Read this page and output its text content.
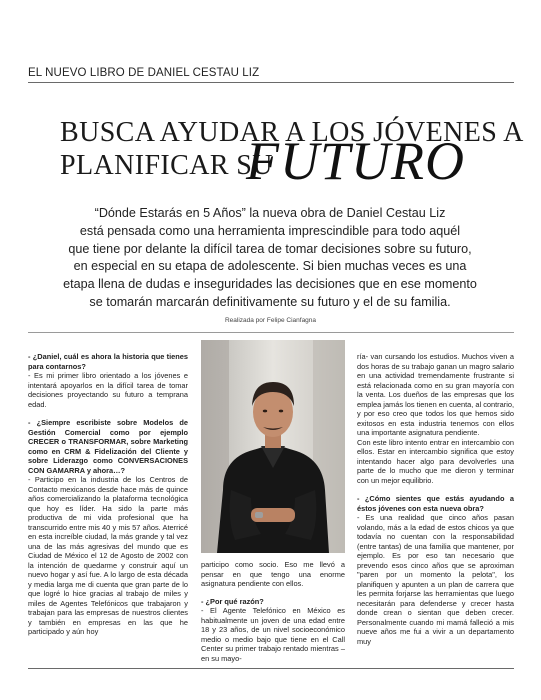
EL NUEVO LIBRO DE DANIEL CESTAU LIZ
BUSCA AYUDAR A LOS JÓVENES A
PLANIFICAR SU
FUTURO
“Dónde Estarás en 5 Años” la nueva obra de Daniel Cestau Liz
está pensada como una herramienta imprescindible para todo aquél
que tiene por delante la difícil tarea de tomar decisiones sobre su futuro,
en especial en su etapa de adolescente. Si bien muchas veces es una
etapa llena de dudas e inseguridades las decisiones que en ese momento
se tomarán marcarán definitivamente su futuro y el de su familia.
Realizada por Felipe Cianfagna

- ¿Daniel, cuál es ahora la historia que tienes para contarnos?

- Es mi primer libro orientado a los jóvenes e intentará apoyarlos en la difícil tarea de tomar decisiones proyectando su futuro a temprana edad.

- ¿Siempre escribiste sobre Modelos de Gestión Comercial como por ejemplo CRECER o TRANSFORMAR, sobre Marketing como en CRM & Fidelización del Cliente y sobre Liderazgo como CONVERSACIONES CON GAMARRA y ahora…?

- Participo en la industria de los Centros de Contacto mexicanos desde hace más de quince años comercializando la plataforma tecnológica que hoy es líder. Ha sido la parte más productiva de mi vida profesional que ha transcurrido entre mis 40 y mis 57 años. Aterricé en esta increíble ciudad, la más grande y tal vez una de las más agresivas del mundo que es Ciudad de México el 12 de Agosto de 2002 con la intención de quedarme y construir aquí un nuevo hogar y así fue. A lo largo de esta década y media larga me di cuenta que gran parte de lo que logré lo hice gracias al trabajo de miles y miles de Agentes Telefónicos que trabajaron y trabajan para las empresas de nuestros clientes y también en empresas en las que he participado y aún hoy

participo como socio. Eso me llevó a pensar en que tengo una enorme asignatura pendiente con ellos.

- ¿Por qué razón?

- El Agente Telefónico en México es habitualmente un joven de una edad entre 18 y 23 años, de un nivel socioeconómico medio o medio bajo que tiene en el Call Center su primer trabajo rentado mientras –en su mayo-

ría- van cursando los estudios. Muchos viven a dos horas de su trabajo ganan un magro salario en una actividad tremendamente frustrante si está relacionada como en su gran mayoría con la venta. Los dueños de las empresas que los emplea jamás los tienen en cuenta, al contrario, y por eso creo que todos los que hemos sido exitosos en esta industria tenemos con ellos una importante asignatura pendiente.

Con este libro intento entrar en intercambio con ellos. Estar en intercambio significa que estoy intentando hacer algo para devolverles una parte de lo mucho que me dieron y terminar con un mejor equilibrio.

- ¿Cómo sientes que estás ayudando a éstos jóvenes con esta nueva obra?

- Es una realidad que cinco años pasan volando, más a la edad de estos chicos ya que todavía no cuentan con la responsabilidad (entre tantas) de una familia que mantener, por ejemplo. Es por eso tan necesario que prevendo esos cinco años que se aproximan "paren por un momento la pelota", los planifiquen y apunten a un plan de carrera que les permita forjarse las herramientas que luego necesitarán para defenderse y crecer hasta donde crean o sientan que deben crecer. Personalmente cuando mi mamá falleció a mis nueve años me fui a vivir a un departamento muy
